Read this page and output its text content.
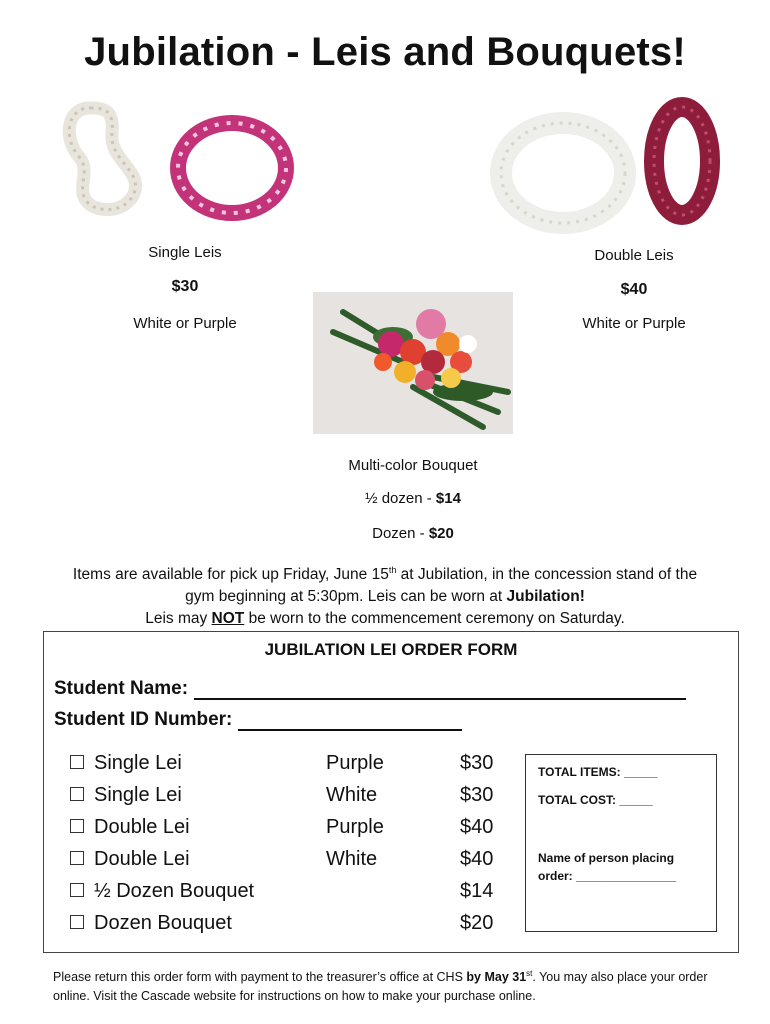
Jubilation - Leis and Bouquets!
Single Leis
$30
White or Purple
Double Leis
$40
White or Purple
Multi-color Bouquet
½ dozen - $14
Dozen - $20
Items are available for pick up Friday, June 15th at Jubilation, in the concession stand of the
gym beginning at 5:30pm. Leis can be worn at Jubilation!
Leis may NOT be worn to the commencement ceremony on Saturday.
JUBILATION LEI ORDER FORM
Student Name:
Student ID Number:
Single Lei	Purple	$30
Single Lei	White	$30
Double Lei	Purple	$40
Double Lei	White	$40
½ Dozen Bouquet	$14
Dozen Bouquet	$20
TOTAL ITEMS: _____
TOTAL COST: _____
Name of person placing
order: _______________
Please return this order form with payment to the treasurer’s office at CHS by May 31st. You may also place your order online. Visit the Cascade website for instructions on how to make your purchase online.
